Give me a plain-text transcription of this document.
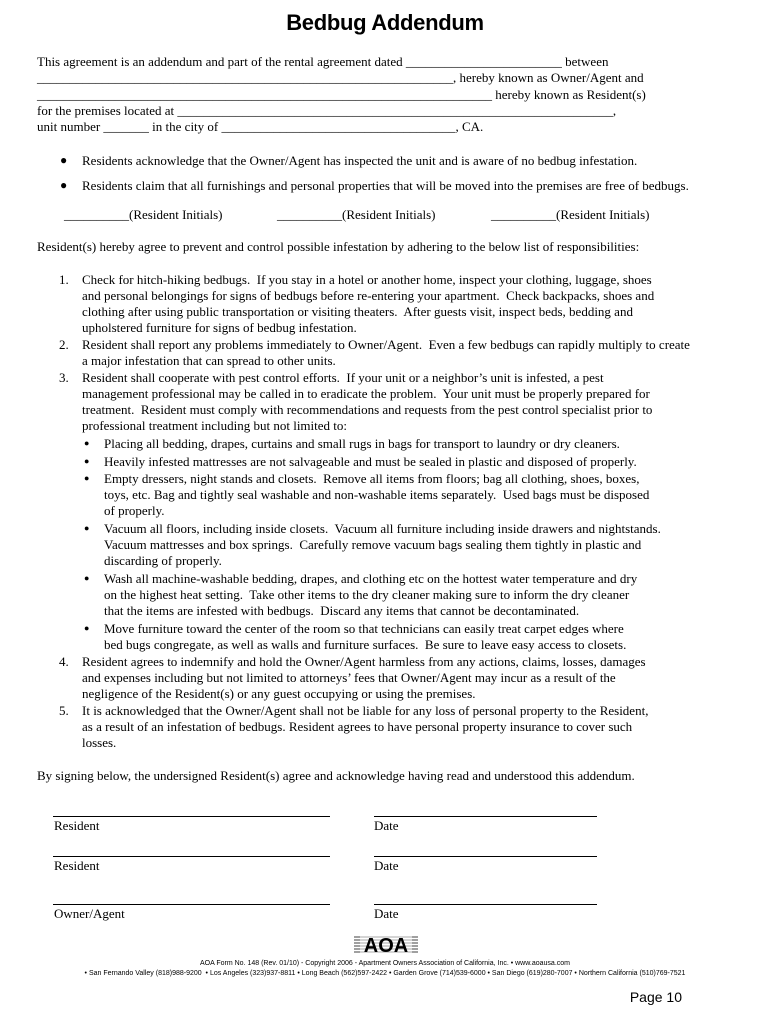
Bedbug Addendum
This agreement is an addendum and part of the rental agreement dated ________________________ between
________________________________________________________________, hereby known as Owner/Agent and
______________________________________________________________________ hereby known as Resident(s)
for the premises located at ___________________________________________________________________,
unit number _______ in the city of ____________________________________, CA.
● Residents acknowledge that the Owner/Agent has inspected the unit and is aware of no bedbug infestation.
● Residents claim that all furnishings and personal properties that will be moved into the premises are free of bedbugs.
__________(Resident Initials)	__________(Resident Initials)	__________(Resident Initials)
Resident(s) hereby agree to prevent and control possible infestation by adhering to the below list of responsibilities:
1. Check for hitch-hiking bedbugs.  If you stay in a hotel or another home, inspect your clothing, luggage, shoes
and personal belongings for signs of bedbugs before re-entering your apartment.  Check backpacks, shoes and
clothing after using public transportation or visiting theaters.  After guests visit, inspect beds, bedding and
upholstered furniture for signs of bedbug infestation.
2. Resident shall report any problems immediately to Owner/Agent.  Even a few bedbugs can rapidly multiply to create
a major infestation that can spread to other units.
3. Resident shall cooperate with pest control efforts.  If your unit or a neighbor’s unit is infested, a pest
management professional may be called in to eradicate the problem.  Your unit must be properly prepared for
treatment.  Resident must comply with recommendations and requests from the pest control specialist prior to
professional treatment including but not limited to:
● Placing all bedding, drapes, curtains and small rugs in bags for transport to laundry or dry cleaners.
● Heavily infested mattresses are not salvageable and must be sealed in plastic and disposed of properly.
● Empty dressers, night stands and closets.  Remove all items from floors; bag all clothing, shoes, boxes,
toys, etc. Bag and tightly seal washable and non-washable items separately.  Used bags must be disposed
of properly.
● Vacuum all floors, including inside closets.  Vacuum all furniture including inside drawers and nightstands.
Vacuum mattresses and box springs.  Carefully remove vacuum bags sealing them tightly in plastic and
discarding of properly.
● Wash all machine-washable bedding, drapes, and clothing etc on the hottest water temperature and dry
on the highest heat setting.  Take other items to the dry cleaner making sure to inform the dry cleaner
that the items are infested with bedbugs.  Discard any items that cannot be decontaminated.
● Move furniture toward the center of the room so that technicians can easily treat carpet edges where
bed bugs congregate, as well as walls and furniture surfaces.  Be sure to leave easy access to closets.
4. Resident agrees to indemnify and hold the Owner/Agent harmless from any actions, claims, losses, damages
and expenses including but not limited to attorneys’ fees that Owner/Agent may incur as a result of the
negligence of the Resident(s) or any guest occupying or using the premises.
5. It is acknowledged that the Owner/Agent shall not be liable for any loss of personal property to the Resident,
as a result of an infestation of bedbugs. Resident agrees to have personal property insurance to cover such
losses.
By signing below, the undersigned Resident(s) agree and acknowledge having read and understood this addendum.
Resident	Date
Resident	Date
Owner/Agent	Date
AOA
AOA Form No. 148 (Rev. 01/10) - Copyright 2006 - Apartment Owners Association of California, Inc. • www.aoausa.com
• San Fernando Valley (818)988-9200  • Los Angeles (323)937-8811 • Long Beach (562)597-2422 • Garden Grove (714)539-6000 • San Diego (619)280-7007 • Northern California (510)769-7521
Page 10
